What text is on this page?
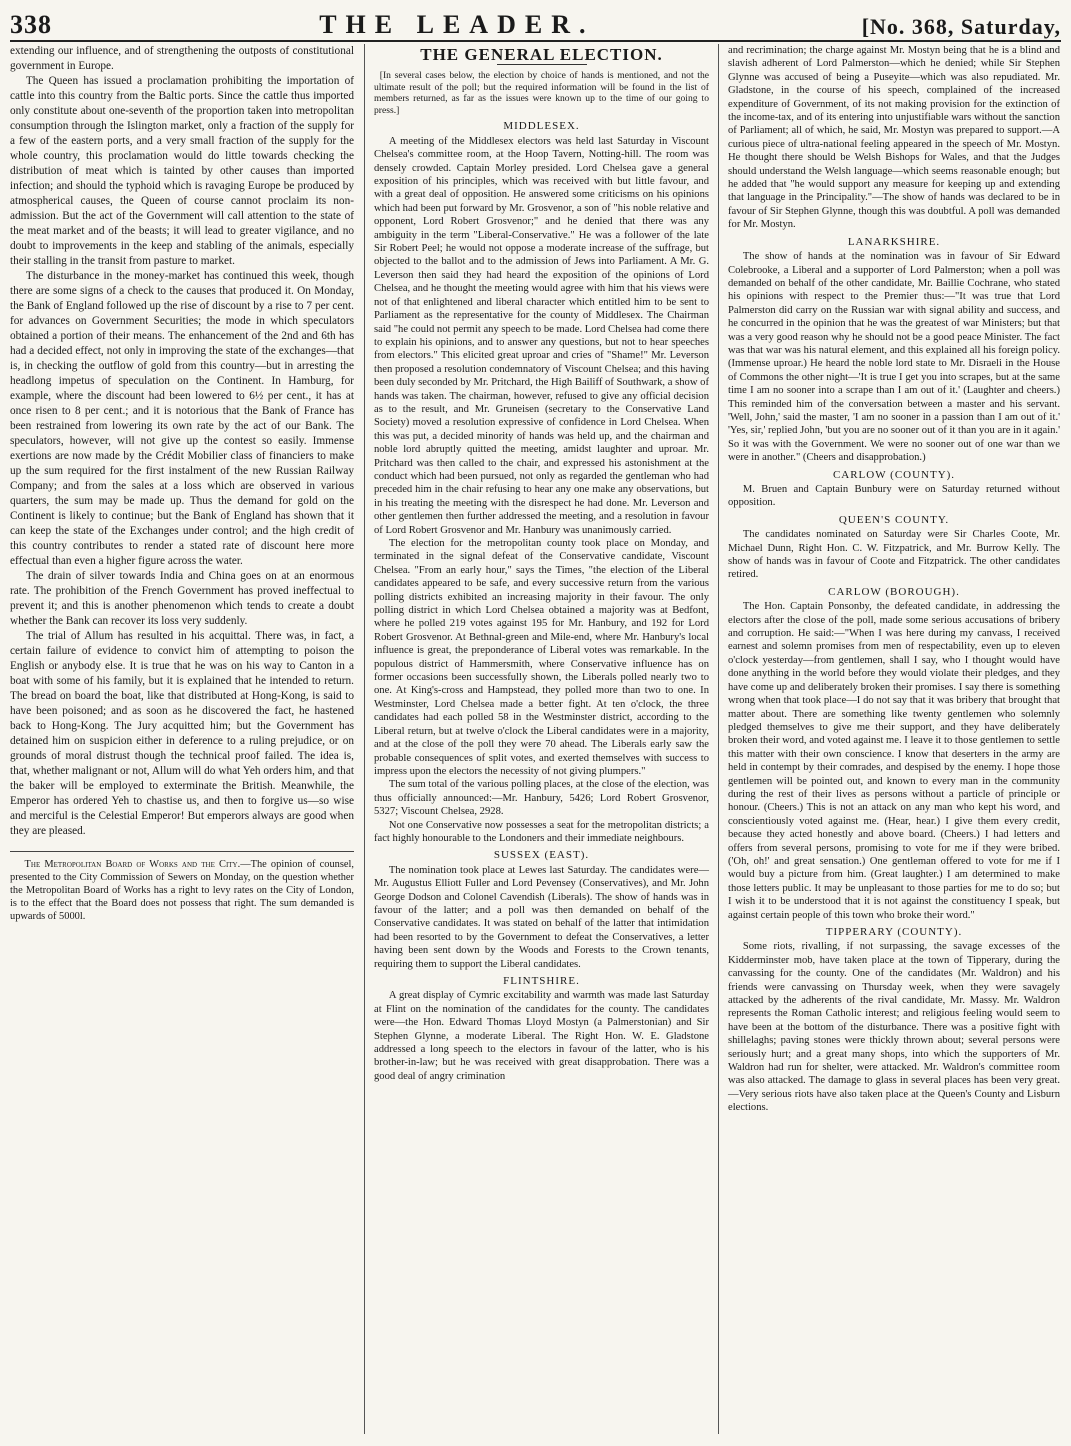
338	THE LEADER.	[No. 368, Saturday,

extending our influence, and of strengthening the outposts of constitutional government in Europe.

The Queen has issued a proclamation prohibiting the importation of cattle into this country from the Baltic ports. Since the cattle thus imported only constitute about one-seventh of the proportion taken into metropolitan consumption through the Islington market, only a fraction of the supply for a few of the eastern ports, and a very small fraction of the supply for the whole country, this proclamation would do little towards checking the distribution of meat which is tainted by other causes than imported infection; and should the typhoid which is ravaging Europe be produced by atmospherical causes, the Queen of course cannot proclaim its non-admission. But the act of the Government will call attention to the state of the meat market and of the beasts; it will lead to greater vigilance, and no doubt to improvements in the keep and stabling of the animals, especially their stalling in the transit from pasture to market.

The disturbance in the money-market has continued this week, though there are some signs of a check to the causes that produced it. On Monday, the Bank of England followed up the rise of discount by a rise to 7 per cent. for advances on Government Securities; the mode in which speculators obtained a portion of their means. The enhancement of the 2nd and 6th has had a decided effect, not only in improving the state of the exchanges—that is, in checking the outflow of gold from this country—but in arresting the headlong impetus of speculation on the Continent. In Hamburg, for example, where the discount had been lowered to 6½ per cent., it has at once risen to 8 per cent.; and it is notorious that the Bank of France has been restrained from lowering its own rate by the act of our Bank. The speculators, however, will not give up the contest so easily. Immense exertions are now made by the Crédit Mobilier class of financiers to make up the sum required for the first instalment of the new Russian Railway Company; and from the sales at a loss which are observed in various quarters, the sum may be made up. Thus the demand for gold on the Continent is likely to continue; but the Bank of England has shown that it can keep the state of the Exchanges under control; and the high credit of this country contributes to render a stated rate of discount here more effectual than even a higher figure across the water.

The drain of silver towards India and China goes on at an enormous rate. The prohibition of the French Government has proved ineffectual to prevent it; and this is another phenomenon which tends to create a doubt whether the Bank can recover its loss very suddenly.

The trial of Allum has resulted in his acquittal. There was, in fact, a certain failure of evidence to convict him of attempting to poison the English or anybody else. It is true that he was on his way to Canton in a boat with some of his family, but it is explained that he intended to return. The bread on board the boat, like that distributed at Hong-Kong, is said to have been poisoned; and as soon as he discovered the fact, he hastened back to Hong-Kong. The Jury acquitted him; but the Government has detained him on suspicion either in deference to a ruling prejudice, or on grounds of moral distrust though the technical proof failed. The idea is, that, whether malignant or not, Allum will do what Yeh orders him, and that the baker will be employed to exterminate the British. Meanwhile, the Emperor has ordered Yeh to chastise us, and then to forgive us—so wise and merciful is the Celestial Emperor! But emperors always are good when they are pleased.

The Metropolitan Board of Works and the City.—The opinion of counsel, presented to the City Commission of Sewers on Monday, on the question whether the Metropolitan Board of Works has a right to levy rates on the City of London, is to the effect that the Board does not possess that right. The sum demanded is upwards of 5000l.

THE GENERAL ELECTION.

[In several cases below, the election by choice of hands is mentioned, and not the ultimate result of the poll; but the required information will be found in the list of members returned, as far as the issues were known up to the time of our going to press.]

MIDDLESEX.

A meeting of the Middlesex electors was held last Saturday in Viscount Chelsea's committee room, at the Hoop Tavern, Notting-hill. The room was densely crowded. Captain Morley presided. Lord Chelsea gave a general exposition of his principles, which was received with but little favour, and with a great deal of opposition. He answered some criticisms on his opinions which had been put forward by Mr. Grosvenor, a son of "his noble relative and opponent, Lord Robert Grosvenor;" and he denied that there was any ambiguity in the term "Liberal-Conservative." He was a follower of the late Sir Robert Peel; he would not oppose a moderate increase of the suffrage, but objected to the ballot and to the admission of Jews into Parliament. A Mr. G. Leverson then said they had heard the exposition of the opinions of Lord Chelsea, and he thought the meeting would agree with him that his views were not of that enlightened and liberal character which entitled him to be sent to Parliament as the representative for the county of Middlesex. The Chairman said "he could not permit any speech to be made. Lord Chelsea had come there to explain his opinions, and to answer any questions, but not to hear speeches from electors." This elicited great uproar and cries of "Shame!" Mr. Leverson then proposed a resolution condemnatory of Viscount Chelsea; and this having been duly seconded by Mr. Pritchard, the High Bailiff of Southwark, a show of hands was taken. The chairman, however, refused to give any official decision as to the result, and Mr. Gruneisen (secretary to the Conservative Land Society) moved a resolution expressive of confidence in Lord Chelsea. When this was put, a decided minority of hands was held up, and the chairman and noble lord abruptly quitted the meeting, amidst laughter and uproar. Mr. Pritchard was then called to the chair, and expressed his astonishment at the conduct which had been pursued, not only as regarded the gentleman who had preceded him in the chair refusing to hear any one make any observations, but in his treating the meeting with the disrespect he had done. Mr. Leverson and other gentlemen then further addressed the meeting, and a resolution in favour of Lord Robert Grosvenor and Mr. Hanbury was unanimously carried.

The election for the metropolitan county took place on Monday, and terminated in the signal defeat of the Conservative candidate, Viscount Chelsea. "From an early hour," says the Times, "the election of the Liberal candidates appeared to be safe, and every successive return from the various polling districts exhibited an increasing majority in their favour. The only polling district in which Lord Chelsea obtained a majority was at Bedfont, where he polled 219 votes against 195 for Mr. Hanbury, and 192 for Lord Robert Grosvenor. At Bethnal-green and Mile-end, where Mr. Hanbury's local influence is great, the preponderance of Liberal votes was remarkable. In the populous district of Hammersmith, where Conservative influence has on former occasions been successfully shown, the Liberals polled nearly two to one. At King's-cross and Hampstead, they polled more than two to one. In Westminster, Lord Chelsea made a better fight. At ten o'clock, the three candidates had each polled 58 in the Westminster district, according to the Liberal return, but at twelve o'clock the Liberal candidates were in a majority, and at the close of the poll they were 70 ahead. The Liberals early saw the probable consequences of split votes, and exerted themselves with success to impress upon the electors the necessity of not giving plumpers."

The sum total of the various polling places, at the close of the election, was thus officially announced:—Mr. Hanbury, 5426; Lord Robert Grosvenor, 5327; Viscount Chelsea, 2928.

Not one Conservative now possesses a seat for the metropolitan districts; a fact highly honourable to the Londoners and their immediate neighbours.

SUSSEX (EAST).

The nomination took place at Lewes last Saturday. The candidates were—Mr. Augustus Elliott Fuller and Lord Pevensey (Conservatives), and Mr. John George Dodson and Colonel Cavendish (Liberals). The show of hands was in favour of the latter; and a poll was then demanded on behalf of the Conservative candidates. It was stated on behalf of the latter that intimidation had been resorted to by the Government to defeat the Conservatives, a letter having been sent down by the Woods and Forests to the Crown tenants, requiring them to support the Liberal candidates.

FLINTSHIRE.

A great display of Cymric excitability and warmth was made last Saturday at Flint on the nomination of the candidates for the county. The candidates were—the Hon. Edward Thomas Lloyd Mostyn (a Palmerstonian) and Sir Stephen Glynne, a moderate Liberal. The Right Hon. W. E. Gladstone addressed a long speech to the electors in favour of the latter, who is his brother-in-law; but he was received with great disapprobation. There was a good deal of angry crimination

and recrimination; the charge against Mr. Mostyn being that he is a blind and slavish adherent of Lord Palmerston—which he denied; while Sir Stephen Glynne was accused of being a Puseyite—which was also repudiated. Mr. Gladstone, in the course of his speech, complained of the increased expenditure of Government, of its not making provision for the extinction of the income-tax, and of its entering into unjustifiable wars without the sanction of Parliament; all of which, he said, Mr. Mostyn was prepared to support.—A curious piece of ultra-national feeling appeared in the speech of Mr. Mostyn. He thought there should be Welsh Bishops for Wales, and that the Judges should understand the Welsh language—which seems reasonable enough; but he added that "he would support any measure for keeping up and extending that language in the Principality."—The show of hands was declared to be in favour of Sir Stephen Glynne, though this was doubtful. A poll was demanded for Mr. Mostyn.

LANARKSHIRE.

The show of hands at the nomination was in favour of Sir Edward Colebrooke, a Liberal and a supporter of Lord Palmerston; when a poll was demanded on behalf of the other candidate, Mr. Baillie Cochrane, who stated his opinions with respect to the Premier thus:—"It was true that Lord Palmerston did carry on the Russian war with signal ability and success, and he concurred in the opinion that he was the greatest of war Ministers; but that was a very good reason why he should not be a good peace Minister. The fact was that war was his natural element, and this explained all his foreign policy. (Immense uproar.) He heard the noble lord state to Mr. Disraeli in the House of Commons the other night—'It is true I get you into scrapes, but at the same time I am no sooner into a scrape than I am out of it.' (Laughter and cheers.) This reminded him of the conversation between a master and his servant. 'Well, John,' said the master, 'I am no sooner in a passion than I am out of it.' 'Yes, sir,' replied John, 'but you are no sooner out of it than you are in it again.' So it was with the Government. We were no sooner out of one war than we were in another." (Cheers and disapprobation.)

CARLOW (COUNTY).

M. Bruen and Captain Bunbury were on Saturday returned without opposition.

QUEEN'S COUNTY.

The candidates nominated on Saturday were Sir Charles Coote, Mr. Michael Dunn, Right Hon. C. W. Fitzpatrick, and Mr. Burrow Kelly. The show of hands was in favour of Coote and Fitzpatrick. The other candidates retired.

CARLOW (BOROUGH).

The Hon. Captain Ponsonby, the defeated candidate, in addressing the electors after the close of the poll, made some serious accusations of bribery and corruption. He said:—"When I was here during my canvass, I received earnest and solemn promises from men of respectability, even up to eleven o'clock yesterday—from gentlemen, shall I say, who I thought would have done anything in the world before they would violate their pledges, and they have come up and deliberately broken their promises. I say there is something wrong when that took place—I do not say that it was bribery that brought that matter about. There are something like twenty gentlemen who solemnly pledged themselves to give me their support, and they have deliberately broken their word, and voted against me. I leave it to those gentlemen to settle this matter with their own conscience. I know that deserters in the army are held in contempt by their comrades, and despised by the enemy. I hope those gentlemen will be pointed out, and known to every man in the community during the rest of their lives as persons without a particle of principle or honour. (Cheers.) This is not an attack on any man who kept his word, and conscientiously voted against me. (Hear, hear.) I give them every credit, because they acted honestly and above board. (Cheers.) I had letters and offers from several persons, promising to vote for me if they were bribed. ('Oh, oh!' and great sensation.) One gentleman offered to vote for me if I would buy a picture from him. (Great laughter.) I am determined to make those letters public. It may be unpleasant to those parties for me to do so; but I wish it to be understood that it is not against the constituency I speak, but against certain people of this town who broke their word."

TIPPERARY (COUNTY).

Some riots, rivalling, if not surpassing, the savage excesses of the Kidderminster mob, have taken place at the town of Tipperary, during the canvassing for the county. One of the candidates (Mr. Waldron) and his friends were canvassing on Thursday week, when they were savagely attacked by the adherents of the rival candidate, Mr. Massy. Mr. Waldron represents the Roman Catholic interest; and religious feeling would seem to have been at the bottom of the disturbance. There was a positive fight with shillelaghs; paving stones were thickly thrown about; several persons were seriously hurt; and a great many shops, into which the supporters of Mr. Waldron had run for shelter, were attacked. Mr. Waldron's committee room was also attacked. The damage to glass in several places has been very great.—Very serious riots have also taken place at the Queen's County and Lisburn elections.
